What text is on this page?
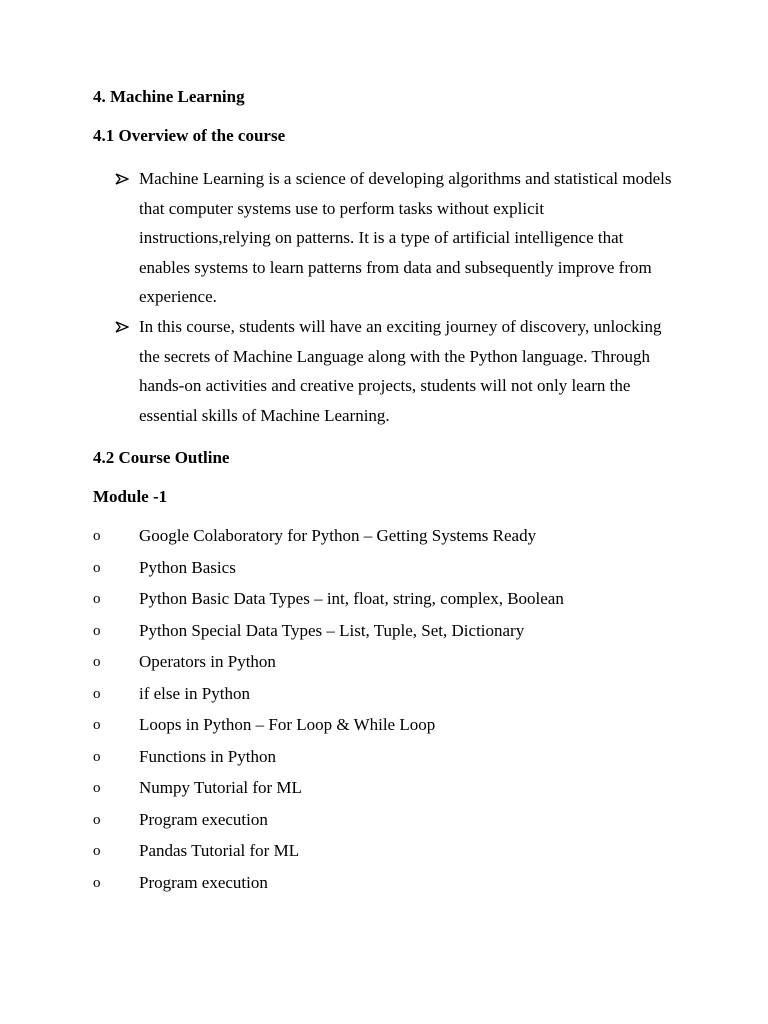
4. Machine Learning
4.1 Overview of the course
Machine Learning is a science of developing algorithms and statistical models that computer systems use to perform tasks without explicit instructions,relying on patterns. It is a type of artificial intelligence that enables systems to learn patterns from data and subsequently improve from experience.
In this course, students will have an exciting journey of discovery, unlocking the secrets of Machine Language along with the Python language. Through hands-on activities and creative projects, students will not only learn the essential skills of Machine Learning.
4.2 Course Outline
Module -1
o Google Colaboratory for Python – Getting Systems Ready
o Python Basics
o Python Basic Data Types – int, float, string, complex, Boolean
o Python Special Data Types – List, Tuple, Set, Dictionary
o Operators in Python
o if else in Python
o Loops in Python – For Loop & While Loop
o Functions in Python
o Numpy Tutorial for ML
o Program execution
o Pandas Tutorial for ML
o Program execution
